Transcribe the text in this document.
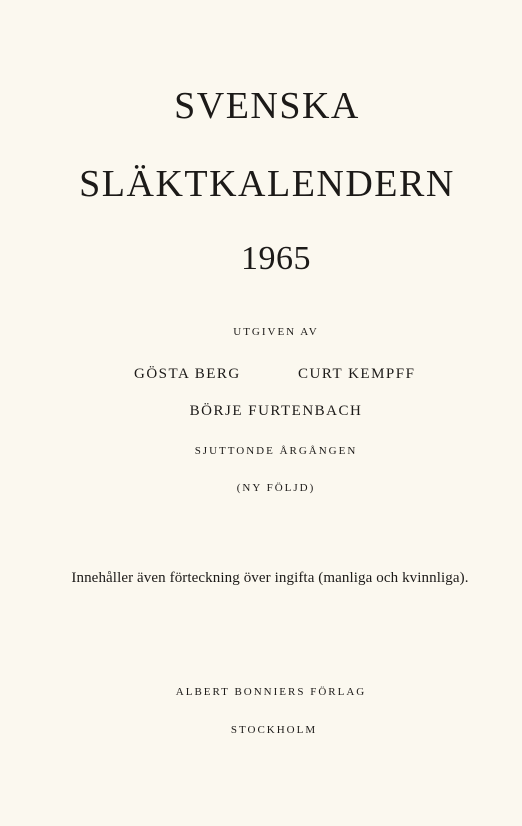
SVENSKA
SLÄKTKALENDERN
1965
UTGIVEN AV
GÖSTA BERG	CURT KEMPFF
BÖRJE FURTENBACH
SJUTTONDE ÅRGÅNGEN
(NY FÖLJD)
Innehåller även förteckning över ingifta (manliga och kvinnliga).
ALBERT BONNIERS FÖRLAG
STOCKHOLM
